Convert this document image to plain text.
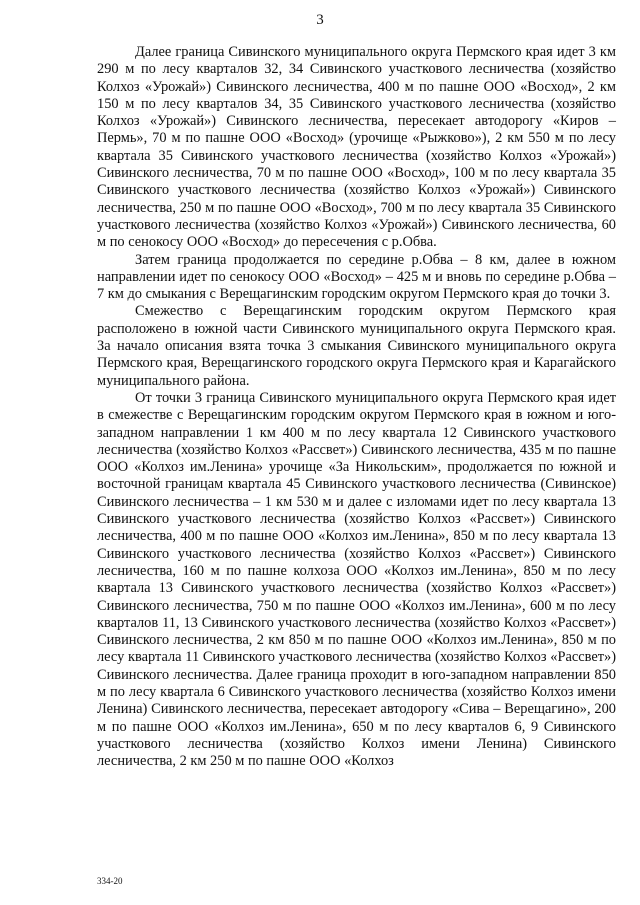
3

Далее граница Сивинского муниципального округа Пермского края идет 3 км 290 м по лесу кварталов 32, 34 Сивинского участкового лесничества (хозяйство Колхоз «Урожай») Сивинского лесничества, 400 м по пашне ООО «Восход», 2 км 150 м по лесу кварталов 34, 35 Сивинского участкового лесничества (хозяйство Колхоз «Урожай») Сивинского лесничества, пересекает автодорогу «Киров – Пермь», 70 м по пашне ООО «Восход» (урочище «Рыжково»), 2 км 550 м по лесу квартала 35 Сивинского участкового лесничества (хозяйство Колхоз «Урожай») Сивинского лесничества, 70 м по пашне ООО «Восход», 100 м по лесу квартала 35 Сивинского участкового лесничества (хозяйство Колхоз «Урожай») Сивинского лесничества, 250 м по пашне ООО «Восход», 700 м по лесу квартала 35 Сивинского участкового лесничества (хозяйство Колхоз «Урожай») Сивинского лесничества, 60 м по сенокосу ООО «Восход» до пересечения с р.Обва.

Затем граница продолжается по середине р.Обва – 8 км, далее в южном направлении идет по сенокосу ООО «Восход» – 425 м и вновь по середине р.Обва – 7 км до смыкания с Верещагинским городским округом Пермского края до точки 3.

Смежество с Верещагинским городским округом Пермского края расположено в южной части Сивинского муниципального округа Пермского края. За начало описания взята точка 3 смыкания Сивинского муниципального округа Пермского края, Верещагинского городского округа Пермского края и Карагайского муниципального района.

От точки 3 граница Сивинского муниципального округа Пермского края идет в смежестве с Верещагинским городским округом Пермского края в южном и юго-западном направлении 1 км 400 м по лесу квартала 12 Сивинского участкового лесничества (хозяйство Колхоз «Рассвет») Сивинского лесничества, 435 м по пашне ООО «Колхоз им.Ленина» урочище «За Никольским», продолжается по южной и восточной границам квартала 45 Сивинского участкового лесничества (Сивинское) Сивинского лесничества – 1 км 530 м и далее с изломами идет по лесу квартала 13 Сивинского участкового лесничества (хозяйство Колхоз «Рассвет») Сивинского лесничества, 400 м по пашне ООО «Колхоз им.Ленина», 850 м по лесу квартала 13 Сивинского участкового лесничества (хозяйство Колхоз «Рассвет») Сивинского лесничества, 160 м по пашне колхоза ООО «Колхоз им.Ленина», 850 м по лесу квартала 13 Сивинского участкового лесничества (хозяйство Колхоз «Рассвет») Сивинского лесничества, 750 м по пашне ООО «Колхоз им.Ленина», 600 м по лесу кварталов 11, 13 Сивинского участкового лесничества (хозяйство Колхоз «Рассвет») Сивинского лесничества, 2 км 850 м по пашне ООО «Колхоз им.Ленина», 850 м по лесу квартала 11 Сивинского участкового лесничества (хозяйство Колхоз «Рассвет») Сивинского лесничества. Далее граница проходит в юго-западном направлении 850 м по лесу квартала 6 Сивинского участкового лесничества (хозяйство Колхоз имени Ленина) Сивинского лесничества, пересекает автодорогу «Сива – Верещагино», 200 м по пашне ООО «Колхоз им.Ленина», 650 м по лесу кварталов 6, 9 Сивинского участкового лесничества (хозяйство Колхоз имени Ленина) Сивинского лесничества, 2 км 250 м по пашне ООО «Колхоз

334-20
